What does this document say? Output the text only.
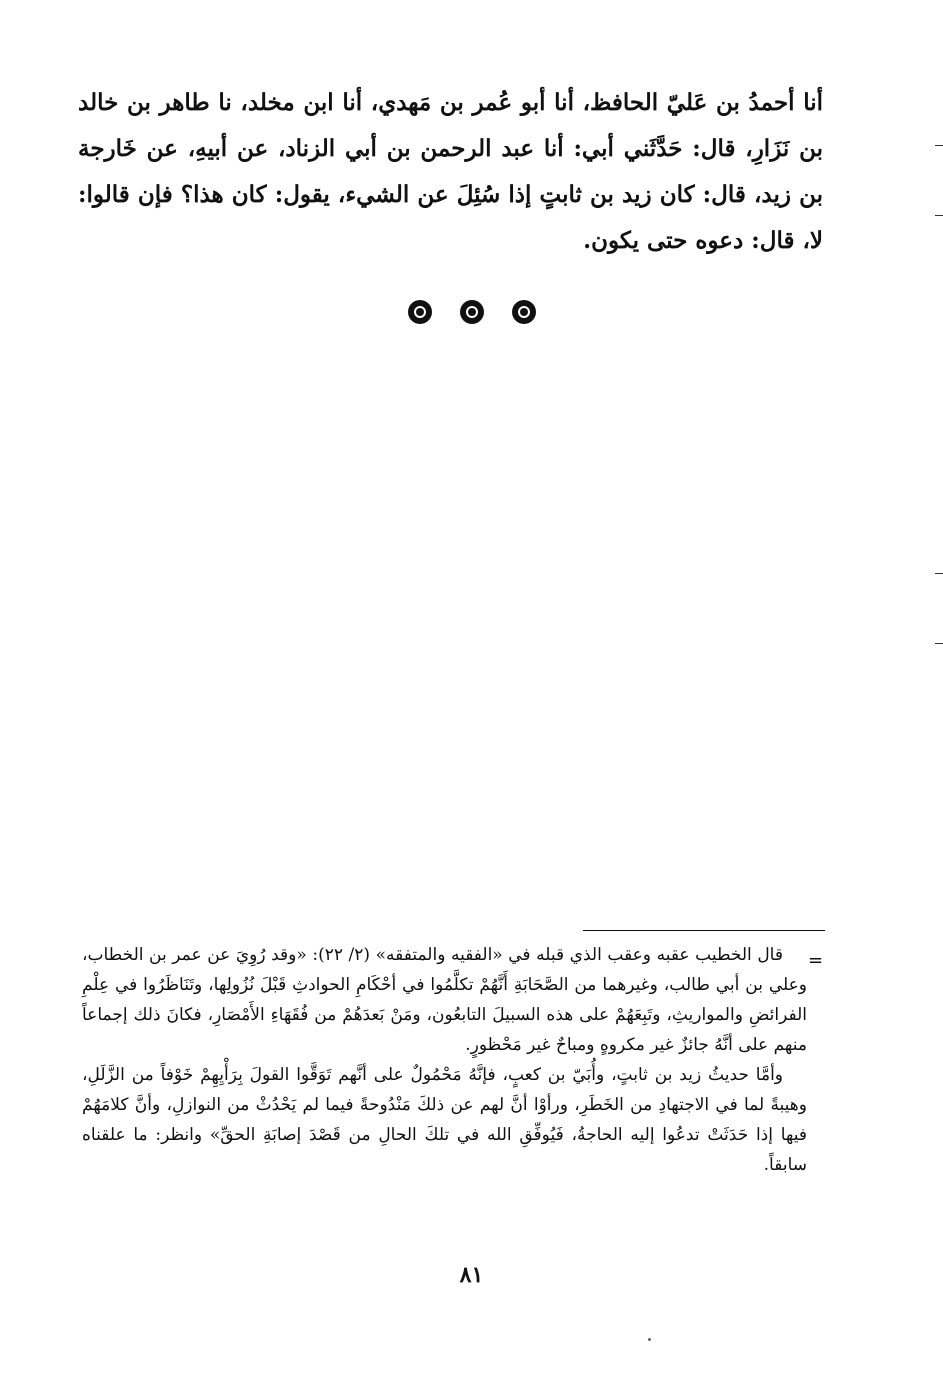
أنا أحمدُ بن عَليّ الحافظ، أنا أبو عُمر بن مَهدي، أنا ابن مخلد، نا طاهر بن خالد بن نَزَارِ، قال: حَدَّثَني أبي: أنا عبد الرحمن بن أبي الزناد، عن أبيهِ، عن خَارجة بن زيد، قال: كان زيد بن ثابتٍ إذا سُئِلَ عن الشيء، يقول: كان هذا؟ فإن قالوا: لا، قال: دعوه حتى يكون.

=

قال الخطيب عقبه وعقب الذي قبله في «الفقيه والمتفقه» (٢/ ٢٢): «وقد رُوِيَ عن عمر بن الخطاب، وعلي بن أبي طالب، وغيرهما من الصَّحَابَةِ أَنَّهُمْ تكلَّمُوا في أحْكَامِ الحوادثِ قَبْلَ نُزُولِها، وتَنَاظَرُوا في عِلْمِ الفرائضِ والمواريثِ، وتَبِعَهُمْ على هذه السبيلَ التابعُون، ومَنْ بَعدَهُمْ من فُقَهَاءِ الأَمْصَارِ، فكانَ ذلك إجماعاً منهم على أنَّهُ جائزٌ غير مكروهٍ ومباحٌ غير مَحْظورٍ.

وأمَّا حديثُ زيد بن ثابتٍ، وأُبَيّ بن كعبٍ، فإنَّهُ مَحْمُولٌ على أنَّهم تَوَقَّوا القولَ بِرَأْيِهِمْ خَوْفاً من الزَّلَلِ، وهيبةً لما في الاجتهادِ من الخَطَرِ، ورأوْا أنَّ لهم عن ذلكَ مَنْدُوحةً فيما لم يَحْدُثْ من النوازلِ، وأنَّ كلامَهُمْ فيها إذا حَدَثَتْ تدعُوا إليه الحاجةُ، فَيُوفِّقِ الله في تلكَ الحالِ من قَصْدَ إصابَةِ الحقِّ» وانظر: ما علقناه سابقاً.

٨١
